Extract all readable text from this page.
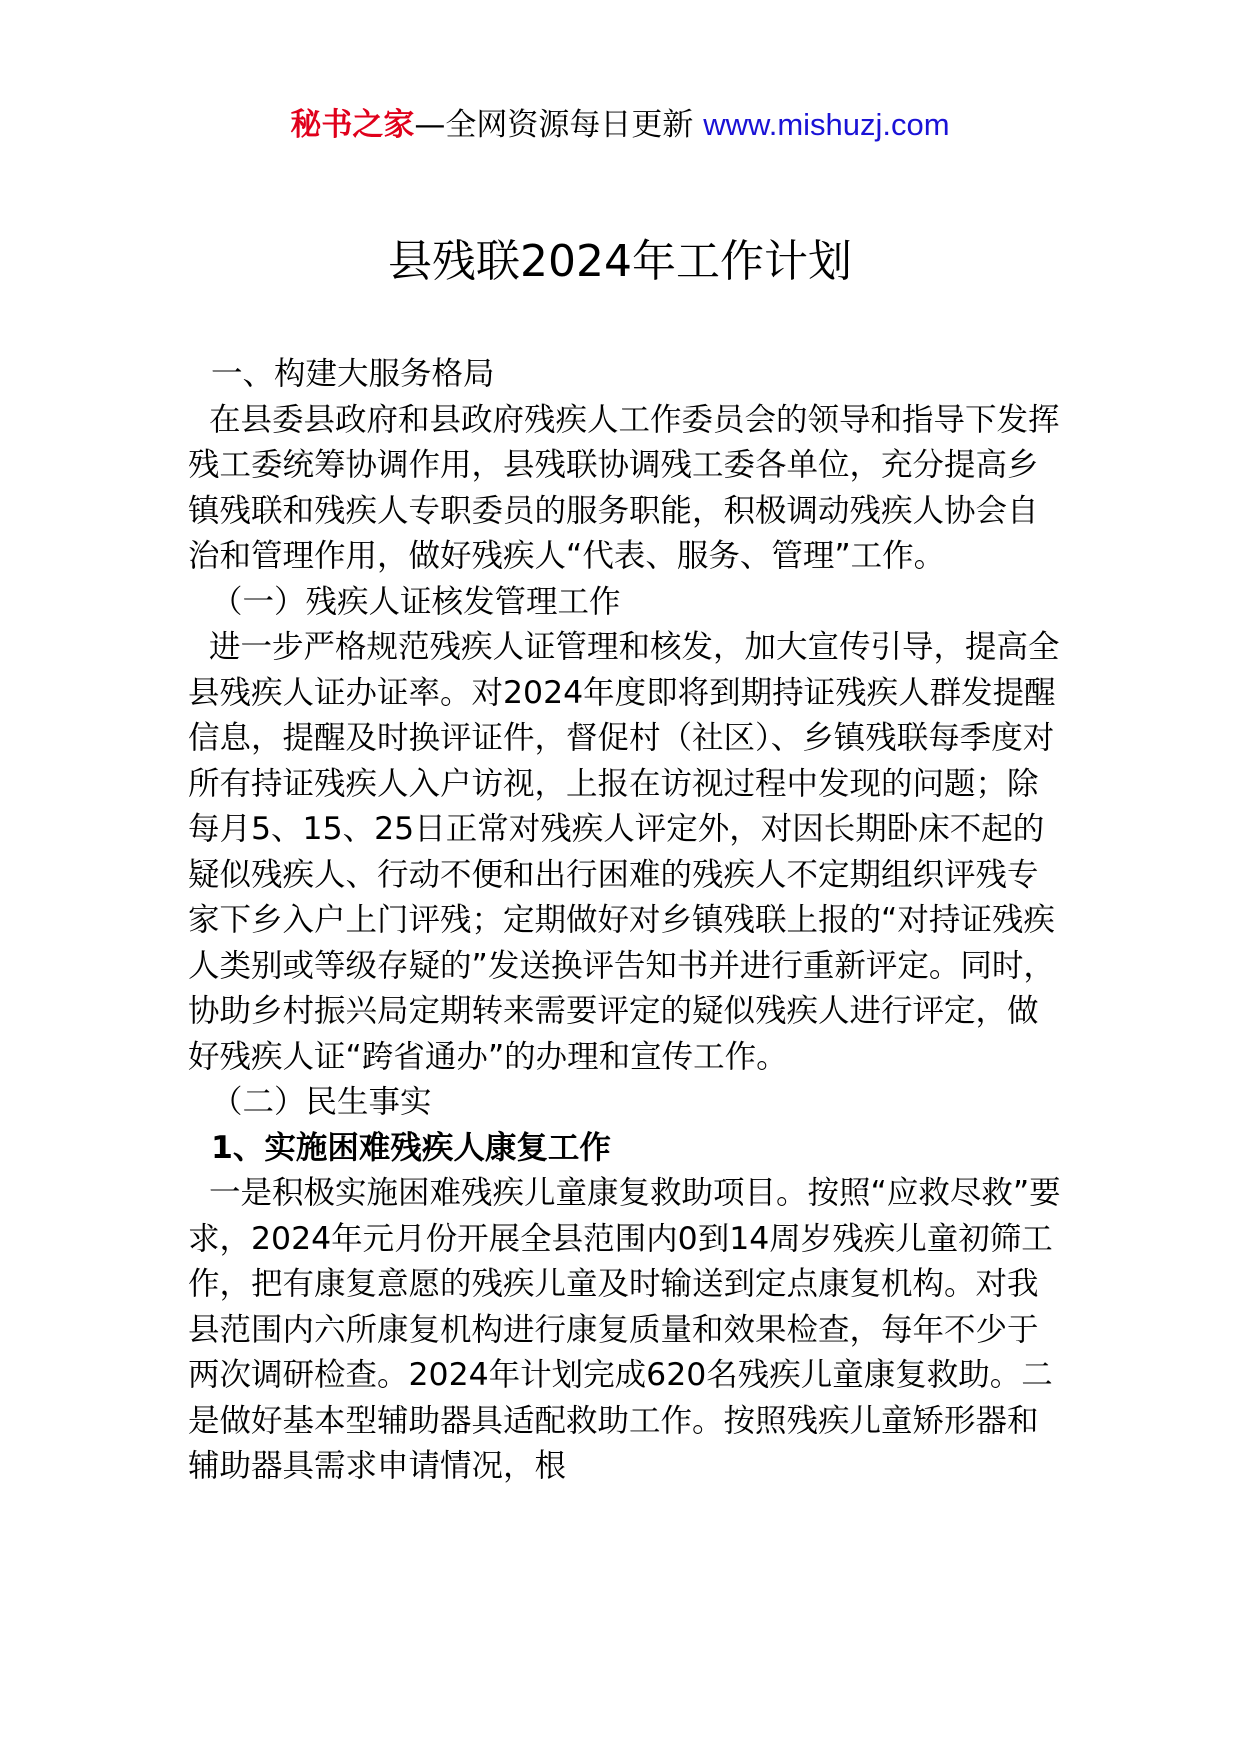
秘书之家—全网资源每日更新 www.mishuzj.com
县残联2024年工作计划

一、构建大服务格局

在县委县政府和县政府残疾人工作委员会的领导和指导下发挥残工委统筹协调作用，县残联协调残工委各单位，充分提高乡镇残联和残疾人专职委员的服务职能，积极调动残疾人协会自治和管理作用，做好残疾人“代表、服务、管理”工作。

（一）残疾人证核发管理工作

进一步严格规范残疾人证管理和核发，加大宣传引导，提高全县残疾人证办证率。对2024年度即将到期持证残疾人群发提醒信息，提醒及时换评证件，督促村（社区）、乡镇残联每季度对所有持证残疾人入户访视，上报在访视过程中发现的问题；除每月5、15、25日正常对残疾人评定外，对因长期卧床不起的疑似残疾人、行动不便和出行困难的残疾人不定期组织评残专家下乡入户上门评残；定期做好对乡镇残联上报的“对持证残疾人类别或等级存疑的”发送换评告知书并进行重新评定。同时，协助乡村振兴局定期转来需要评定的疑似残疾人进行评定，做好残疾人证“跨省通办”的办理和宣传工作。

（二）民生事实

1、实施困难残疾人康复工作

一是积极实施困难残疾儿童康复救助项目。按照“应救尽救”要求，2024年元月份开展全县范围内0到14周岁残疾儿童初筛工作，把有康复意愿的残疾儿童及时输送到定点康复机构。对我县范围内六所康复机构进行康复质量和效果检查，每年不少于两次调研检查。2024年计划完成620名残疾儿童康复救助。二是做好基本型辅助器具适配救助工作。按照残疾儿童矫形器和辅助器具需求申请情况，根
